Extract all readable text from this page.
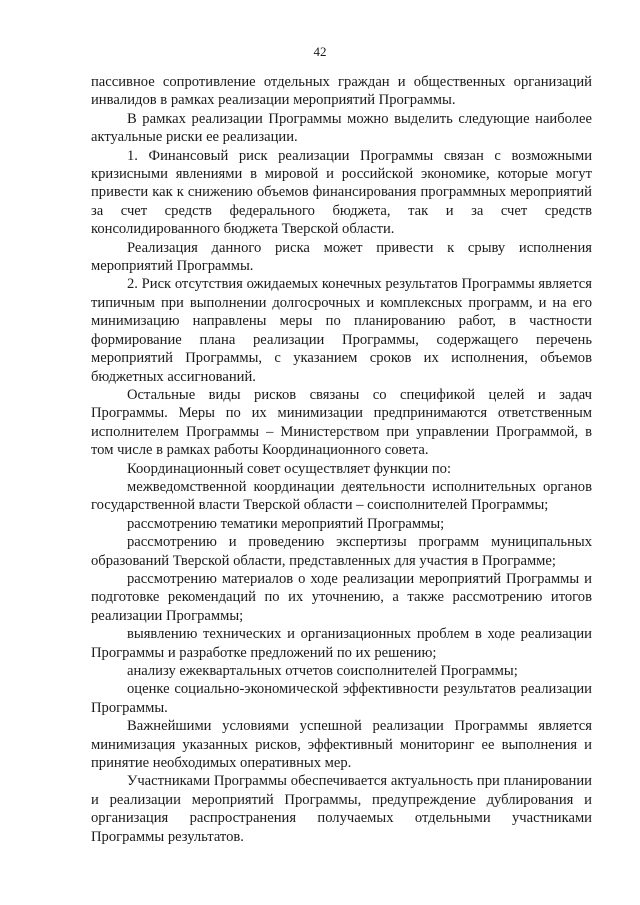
42

пассивное сопротивление отдельных граждан и общественных организаций инвалидов в рамках реализации мероприятий Программы.

В рамках реализации Программы можно выделить следующие наиболее актуальные риски ее реализации.

1. Финансовый риск реализации Программы связан с возможными кризисными явлениями в мировой и российской экономике, которые могут привести как к снижению объемов финансирования программных мероприятий за счет средств федерального бюджета, так и за счет средств консолидированного бюджета Тверской области.

Реализация данного риска может привести к срыву исполнения мероприятий Программы.

2. Риск отсутствия ожидаемых конечных результатов Программы является типичным при выполнении долгосрочных и комплексных программ, и на его минимизацию направлены меры по планированию работ, в частности формирование плана реализации Программы, содержащего перечень мероприятий Программы, с указанием сроков их исполнения, объемов бюджетных ассигнований.

Остальные виды рисков связаны со спецификой целей и задач Программы. Меры по их минимизации предпринимаются ответственным исполнителем Программы – Министерством при управлении Программой, в том числе в рамках работы Координационного совета.

Координационный совет осуществляет функции по:

межведомственной координации деятельности исполнительных органов государственной власти Тверской области – соисполнителей Программы;

рассмотрению тематики мероприятий Программы;

рассмотрению и проведению экспертизы программ муниципальных образований Тверской области, представленных для участия в Программе;

рассмотрению материалов о ходе реализации мероприятий Программы и подготовке рекомендаций по их уточнению, а также рассмотрению итогов реализации Программы;

выявлению технических и организационных проблем в ходе реализации Программы и разработке предложений по их решению;

анализу ежеквартальных отчетов соисполнителей Программы;

оценке социально-экономической эффективности результатов реализации Программы.

Важнейшими условиями успешной реализации Программы является минимизация указанных рисков, эффективный мониторинг ее выполнения и принятие необходимых оперативных мер.

Участниками Программы обеспечивается актуальность при планировании и реализации мероприятий Программы, предупреждение дублирования и организация распространения получаемых отдельными участниками Программы результатов.
